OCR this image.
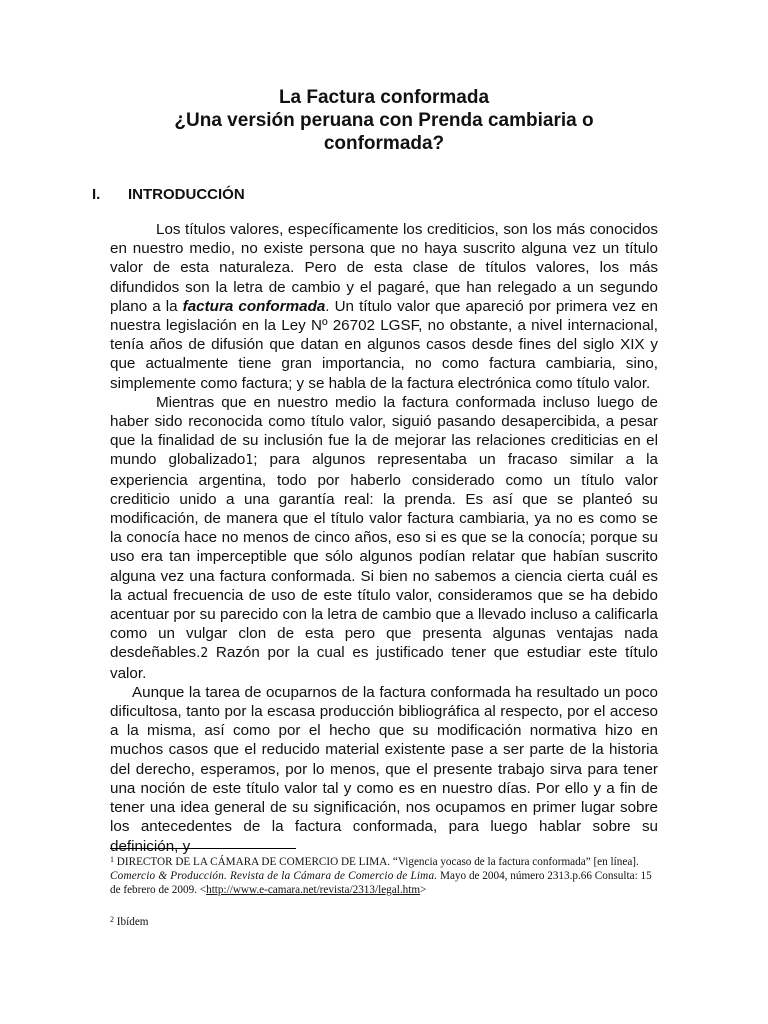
La Factura conformada
¿Una versión peruana con Prenda cambiaria o
conformada?
I. INTRODUCCIÓN

Los títulos valores, específicamente los crediticios, son los más conocidos en nuestro medio, no existe persona que no haya suscrito alguna vez un título valor de esta naturaleza. Pero de esta clase de títulos valores, los más difundidos son la letra de cambio y el pagaré, que han relegado a un segundo plano a la factura conformada. Un título valor que apareció por primera vez en nuestra legislación en la Ley Nº 26702 LGSF, no obstante, a nivel internacional, tenía años de difusión que datan en algunos casos desde fines del siglo XIX y que actualmente tiene gran importancia, no como factura cambiaria, sino, simplemente como factura; y se habla de la factura electrónica como título valor.

Mientras que en nuestro medio la factura conformada incluso luego de haber sido reconocida como título valor, siguió pasando desapercibida, a pesar que la finalidad de su inclusión fue la de mejorar las relaciones crediticias en el mundo globalizado1; para algunos representaba un fracaso similar a la experiencia argentina, todo por haberlo considerado como un título valor crediticio unido a una garantía real: la prenda. Es así que se planteó su modificación, de manera que el título valor factura cambiaria, ya no es como se la conocía hace no menos de cinco años, eso si es que se la conocía; porque su uso era tan imperceptible que sólo algunos podían relatar que habían suscrito alguna vez una factura conformada. Si bien no sabemos a ciencia cierta cuál es la actual frecuencia de uso de este título valor, consideramos que se ha debido acentuar por su parecido con la letra de cambio que a llevado incluso a calificarla como un vulgar clon de esta pero que presenta algunas ventajas nada desdeñables.2 Razón por la cual es justificado tener que estudiar este título valor.

Aunque la tarea de ocuparnos de la factura conformada ha resultado un poco dificultosa, tanto por la escasa producción bibliográfica al respecto, por el acceso a la misma, así como por el hecho que su modificación normativa hizo en muchos casos que el reducido material existente pase a ser parte de la historia del derecho, esperamos, por lo menos, que el presente trabajo sirva para tener una noción de este título valor tal y como es en nuestro días. Por ello y a fin de tener una idea general de su significación, nos ocupamos en primer lugar sobre los antecedentes de la factura conformada, para luego hablar sobre su definición, y

$^1$ DIRECTOR DE LA CÁMARA DE COMERCIO DE LIMA. “Vigencia yocaso de la factura conformada” [en línea]. Comercio & Producción. Revista de la Cámara de Comercio de Lima. Mayo de 2004, número 2313.p.66 Consulta: 15 de febrero de 2009. <http://www.e-camara.net/revista/2313/legal.htm>

$^2$ Ibídem
